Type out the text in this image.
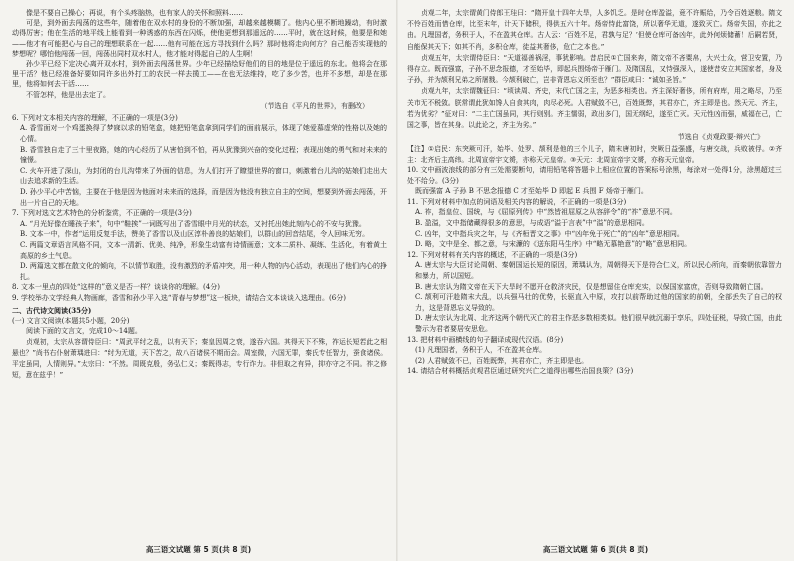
像是不要自己操心；再说，有个头疼脑热，也有家人的关怀和照料……

可是，到外面去闯荡的这些年，随着他在双水村的身份的不断加强，却越来越模糊了。他内心里不断地躁动，有时激动得厉害；他在生活的地平线上能看到一种诱惑的东西在闪烁，使他更想到那遥远的……平时，就在这时候，他要是和她——他才有可能把心与自己的理想联系在一起……他有可能在远方寻找到什么吗？那时他将走向何方？自己能否实现他的梦想呢？哪怕他闯荡一回，闯荡出同村双水村人，他才能对得起自己的人生啊！

孙少平已经下定决心离开双水村，到外面去闯荡世界。少年已经描绘好他们的目的地是位于遥远的东北。他将会在那里干活？他已经准备好要如同许多出外打工的农民一样去揽工——在也无法维持，吃了多少苦，也并不多想，却是在那里，他将如何去干活……

不管怎样，他是出去定了。

（节选自《平凡的世界》，有删改）

6. 下列对文本相关内容的理解，不正确的一项是(3分)

A. 香雪面对一个鸡蛋换得了梦寐以求的铅笔盒，她把铅笔盒拿到同学们的面前展示，体现了她爱慕虚荣的性格以及她的心情。

B. 香雪独自走了三十里夜路，她的内心经历了从害怕到不怕，再从犹豫到兴奋的变化过程；表现出她的勇气和对未来的憧憬。

C. 火车开进了深山，为封闭的台儿沟带来了外面的信息，为人们打开了瞭望世界的窗口，刺激着台儿沟的姑娘们走出大山去追求新的生活。

D. 孙少平心中苦恼，主要在于他是因为他面对未来而的选择，而是因为他没有独立自主的空间，想要到外面去闯荡，开出一片自己的天地。

7. 下列对选文艺术特色的分析鉴赏，不正确的一项是(3分)

A. “月光好像在睡孩子来”，句中“鞋挨”一词既写出了香雪眼中月光的状态，又衬托出她此刻内心的不安与犹豫。

B. 文本一中，作者“运用反复手法，赞美了香雪以及山区淳朴善良的姑娘们，以群山的回音结尾，令人回味无穷。

C. 两篇文章语言风格不同，文本一清新、优美、纯净，形象生动富有诗情画意；文本二质朴、凝练、生活化，有着黄土高原的乡土气息。

D. 两篇选文都在散文化的倾向，不以情节取胜，没有激烈的矛盾冲突，用一种人物的内心活动，表现出了他们内心的挣扎。

8. 文本一里点的四处“这样的”意义是否一样？谈谈你的理解。(4分)

9. 学校举办文学经典人物画廊，香雪和孙少平入选“青春与梦想”这一板块，请结合文本谈谈入选理由。(6分)

二、古代诗文阅读(35分)

(一) 文言文阅读(本题共5小题，20分)

阅读下面的文言文，完成10～14题。

贞观初，太宗从容谓侍臣曰：“周武平纣之乱，以有天下；秦皇因周之衰，遂吞六国。其得天下不殊，祚运长短若此之相悬也？”尚书右仆射萧瑀进曰：“纣为无道，天下苦之，故八百诸侯不期而会。周室微，六国无罪，秦氏专任智力，蚕食诸侯。平定虽同，人情则异。”太宗曰：“不然。周既克殷，务弘仁义；秦既得志，专行诈力。非但取之有异，抑亦守之不同。祚之修短，意在兹乎！”

高三语文试题 第 5 页(共 8 页)

贞观二年，太宗谓黄门侍郎王珪曰：“隋开皇十四年大旱，人多饥乏。是时仓库盈溢，竟不许赈给，乃令百姓逐粮。隋文不怜百姓而惜仓库，比至末年，计天下储积，得供五六十年。炀帝恃此富饶，所以奢华无道，遂致灭亡。炀帝失国，亦此之由。凡理国者，务积于人，不在盈其仓库。古人云：‘百姓不足，君孰与足？’但使仓库可备凶年，此外何烦储蓄！后嗣若贤，自能保其天下；如其不肖，多积仓库，徒益其奢侈，危亡之本也。”

贞观五年，太宗谓侍臣曰：“天道福善祸淫，事犹影响。昔启民①亡国来奔，隋文帝不吝粟帛，大兴士众，营卫安置，乃得存立。既而强富，子孙不思念报德，才至始毕，即起兵围炀帝于雁门。及隋国乱，又恃强深入，遂使昔安立其国家者，身及子孙，并为颉利兄弟之所屠戮。今颉利破亡，岂非背恩忘义所至也？”群臣咸曰：“诚如圣旨。”

贞观九年，太宗谓魏征曰：“顷读周、齐史，末代亡国之主，为恶多相类也。齐主深好奢侈，所有府库，用之略尽，乃至关市无不税敛。朕常谓此犹如馋人自食其肉，肉尽必死。人君赋敛不已，百姓既弊，其君亦亡，齐主即是也。然天元、齐主，若为优劣？”征对曰：“二主亡国虽同，其行则别。齐主懦弱，政出多门，国无纲纪，遂至亡灭。天元性凶而强，威福在己，亡国之事，皆在其身。以此论之，齐主为劣。”

节选自《贞观政要·辩兴亡》

【注】①启民：东突厥可汗，始毕、处罗、颉利是他的三个儿子，隋末唐初时，突厥日益强盛，与唐交战，兵败被俘。②齐主：北齐后主高纬。北周宣帝宇文赟，亦称天元皇帝。③天元：北周宣帝宇文赟，亦称天元皇帝。

10. 文中画波浪线的部分有三处需要断句，请用铅笔将答题卡上相应位置的答案标号涂黑，每涂对一处得1分，涂黑超过三处不给分。(3分)

既而强富 A 子孙 B 不思念报德 C 才至始毕 D 即起 E 兵围 F 炀帝于雁门。

11. 下列对材料中加点的词语及相关内容的解说，不正确的一项是(3分)

A. 祚，指皇位、国统，与《屈原列传》中“然皆祖屈原之从容辞令”的“祚”意思不同。

B. 盈溢，文中指储藏得很多的意思，与成语“溢于言表”中“溢”的意思相同。

C. 凶年，文中指兵灾之年，与《齐桓晋文之事》中“凶年免于死亡”的“凶年”意思相同。

D. 略，文中是全、都之意，与宋濂的《送东阳马生序》中“略无慕艳意”的“略”意思相同。

12. 下列对材料有关内容的概述，不正确的一项是(3分)

A. 唐太宗与大臣讨论周朝、秦朝国运长短的原因，萧瑀认为，周朝得天下是符合仁义，所以民心所向，而秦朝依靠智力和暴力，所以国短。

B. 唐太宗认为隋文帝在天下大旱时不愿开仓救济灾民，仅是想留住仓库充实，以保国家富庶，否则导致隋朝亡国。

C. 颉利可汗趁隋末大乱，以兵强马壮的优势，长驱直入中原，攻打以前帮助过他的国家的前朝，全部丢失了自己的权力，这是背恩忘义导致的。

D. 唐太宗认为北周、北齐这两个朝代灭亡的君主作恶多数相类似。他们很早就沉溺于享乐，四处征税，导致亡国，由此警示为君者要居安思危。

13. 把材料中画横线的句子翻译成现代汉语。(8分)

(1) 凡理国者，务积于人，不在盈其仓库。

(2) 人君赋敛不已，百姓既弊，其君亦亡，齐主即是也。

14. 请结合材料概括贞观君臣通过研究兴亡之道得出哪些治国良策？(3分)

高三语文试题 第 6 页(共 8 页)
